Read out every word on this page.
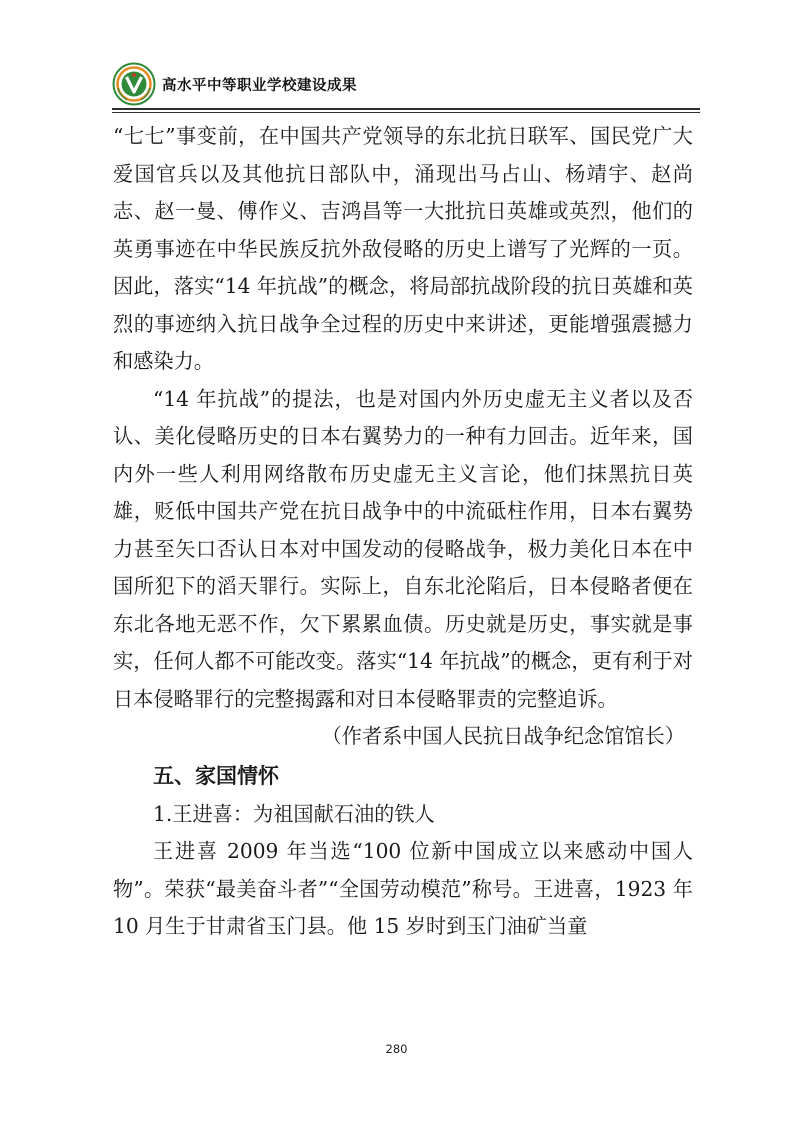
高水平中等职业学校建设成果

“七七”事变前，在中国共产党领导的东北抗日联军、国民党广大爱国官兵以及其他抗日部队中，涌现出马占山、杨靖宇、赵尚志、赵一曼、傅作义、吉鸿昌等一大批抗日英雄或英烈，他们的英勇事迹在中华民族反抗外敌侵略的历史上谱写了光辉的一页。因此，落实“14 年抗战”的概念，将局部抗战阶段的抗日英雄和英烈的事迹纳入抗日战争全过程的历史中来讲述，更能增强震撼力和感染力。

“14 年抗战”的提法，也是对国内外历史虚无主义者以及否认、美化侵略历史的日本右翼势力的一种有力回击。近年来，国内外一些人利用网络散布历史虚无主义言论，他们抹黑抗日英雄，贬低中国共产党在抗日战争中的中流砥柱作用，日本右翼势力甚至矢口否认日本对中国发动的侵略战争，极力美化日本在中国所犯下的滔天罪行。实际上，自东北沦陷后，日本侵略者便在东北各地无恶不作，欠下累累血债。历史就是历史，事实就是事实，任何人都不可能改变。落实“14 年抗战”的概念，更有利于对日本侵略罪行的完整揭露和对日本侵略罪责的完整追诉。

（作者系中国人民抗日战争纪念馆馆长）

五、家国情怀

1.王进喜：为祖国献石油的铁人

王进喜 2009 年当选“100 位新中国成立以来感动中国人物”。荣获“最美奋斗者”“全国劳动模范”称号。王进喜，1923 年 10 月生于甘肃省玉门县。他 15 岁时到玉门油矿当童

280
